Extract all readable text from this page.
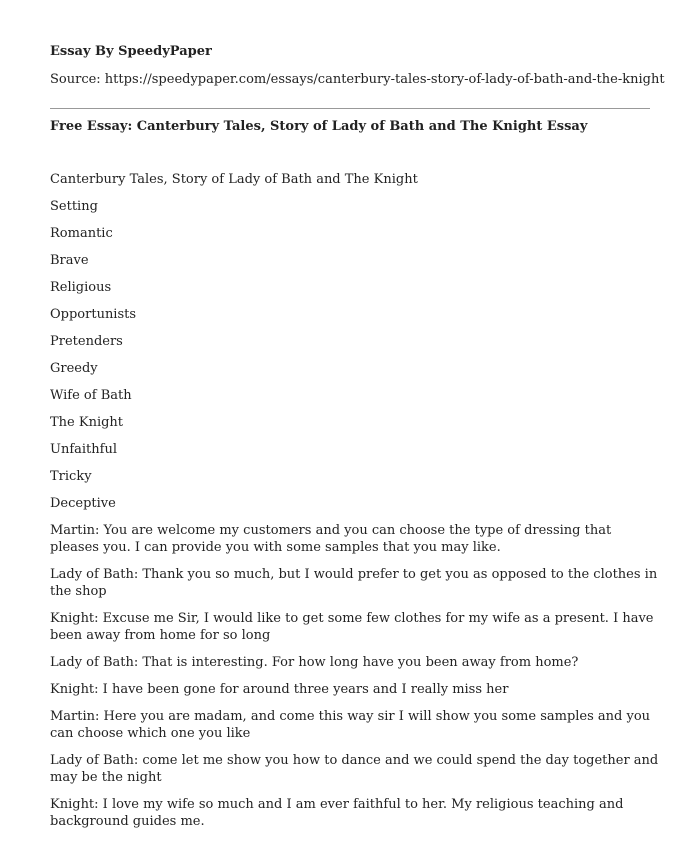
Essay By SpeedyPaper
Source: https://speedypaper.com/essays/canterbury-tales-story-of-lady-of-bath-and-the-knight
Free Essay: Canterbury Tales, Story of Lady of Bath and The Knight Essay

Canterbury Tales, Story of Lady of Bath and The Knight

Setting

Romantic

Brave

Religious

Opportunists

Pretenders

Greedy

Wife of Bath

The Knight

Unfaithful

Tricky

Deceptive

Martin: You are welcome my customers and you can choose the type of dressing that pleases you. I can provide you with some samples that you may like.

Lady of Bath: Thank you so much, but I would prefer to get you as opposed to the clothes in the shop

Knight: Excuse me Sir, I would like to get some few clothes for my wife as a present. I have been away from home for so long

Lady of Bath: That is interesting. For how long have you been away from home?

Knight: I have been gone for around three years and I really miss her

Martin: Here you are madam, and come this way sir I will show you some samples and you can choose which one you like

Lady of Bath: come let me show you how to dance and we could spend the day together and may be the night

Knight: I love my wife so much and I am ever faithful to her. My religious teaching and background guides me.
